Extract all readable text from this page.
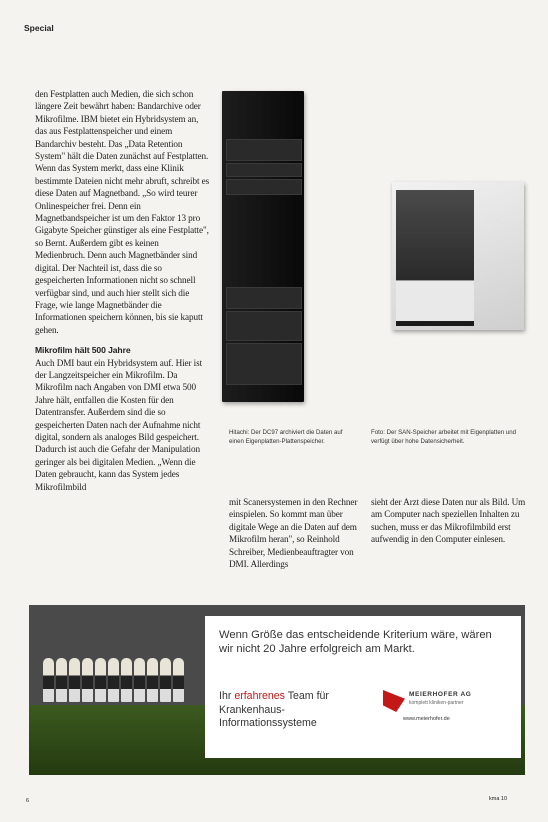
Special

den Festplatten auch Medien, die sich schon längere Zeit bewährt haben: Bandarchive oder Mikrofilme. IBM bietet ein Hybridsystem an, das aus Festplattenspeicher und einem Bandarchiv besteht. Das „Data Retention System" hält die Daten zunächst auf Festplatten. Wenn das System merkt, dass eine Klinik bestimmte Dateien nicht mehr abruft, schreibt es diese Daten auf Magnetband. „So wird teurer Onlinespeicher frei. Denn ein Magnetbandspeicher ist um den Faktor 13 pro Gigabyte Speicher günstiger als eine Festplatte", so Bernt. Außerdem gibt es keinen Medienbruch. Denn auch Magnetbänder sind digital. Der Nachteil ist, dass die so gespeicherten Informationen nicht so schnell verfügbar sind, und auch hier stellt sich die Frage, wie lange Magnetbänder die Informationen speichern können, bis sie kaputt gehen.

Mikrofilm hält 500 Jahre

Auch DMI baut ein Hybridsystem auf. Hier ist der Langzeitspeicher ein Mikrofilm. Da Mikrofilm nach Angaben von DMI etwa 500 Jahre hält, entfallen die Kosten für den Datentransfer. Außerdem sind die so gespeicherten Daten nach der Aufnahme nicht digital, sondern als analoges Bild gespeichert. Dadurch ist auch die Gefahr der Manipulation geringer als bei digitalen Medien. „Wenn die Daten gebraucht, kann das System jedes Mikrofilmbild

Hitachi: Der DC97 archiviert die Daten auf einen Eigenplatten-Plattenspeicher.
Foto: Der SAN-Speicher arbeitet mit Eigenplatten und verfügt über hohe Datensicherheit.
mit Scanersystemen in den Rechner einspielen. So kommt man über digitale Wege an die Daten auf dem Mikrofilm heran", so Reinhold Schreiber, Medienbeauftragter von DMI. Allerdings
sieht der Arzt diese Daten nur als Bild. Um am Computer nach speziellen Inhalten zu suchen, muss er das Mikrofilmbild erst aufwendig in den Computer einlesen.
Wenn Größe das entscheidende Kriterium wäre, wären wir nicht 20 Jahre erfolgreich am Markt.
Ihr erfahrenes Team für Krankenhaus-Informationssysteme
MEIERHOFER AG
komplett kliniken-partner
www.meierhofer.de
6	kma 10
